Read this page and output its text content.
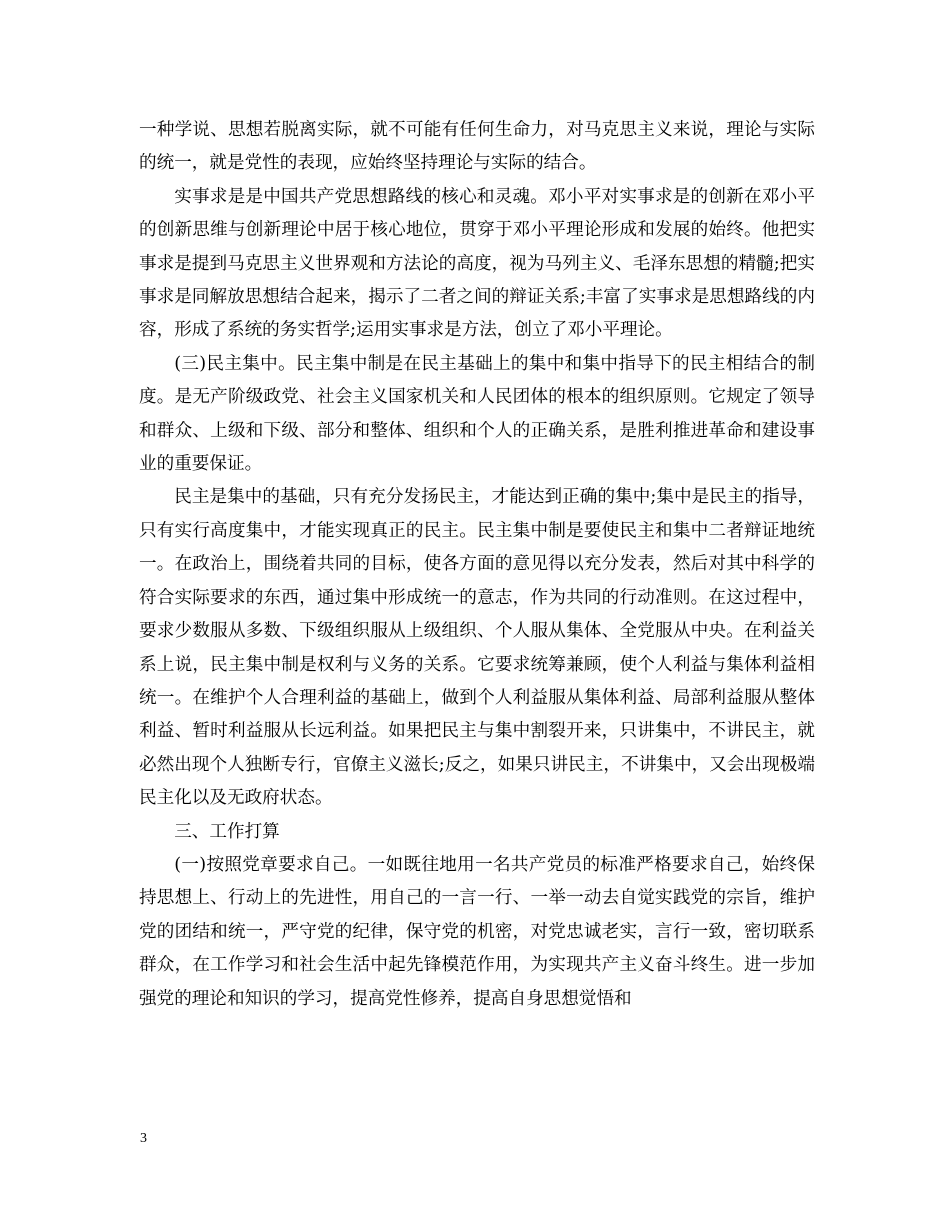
一种学说、思想若脱离实际，就不可能有任何生命力，对马克思主义来说，理论与实际的统一，就是党性的表现，应始终坚持理论与实际的结合。

实事求是是中国共产党思想路线的核心和灵魂。邓小平对实事求是的创新在邓小平的创新思维与创新理论中居于核心地位，贯穿于邓小平理论形成和发展的始终。他把实事求是提到马克思主义世界观和方法论的高度，视为马列主义、毛泽东思想的精髓;把实事求是同解放思想结合起来，揭示了二者之间的辩证关系;丰富了实事求是思想路线的内容，形成了系统的务实哲学;运用实事求是方法，创立了邓小平理论。

(三)民主集中。民主集中制是在民主基础上的集中和集中指导下的民主相结合的制度。是无产阶级政党、社会主义国家机关和人民团体的根本的组织原则。它规定了领导和群众、上级和下级、部分和整体、组织和个人的正确关系，是胜利推进革命和建设事业的重要保证。

民主是集中的基础，只有充分发扬民主，才能达到正确的集中;集中是民主的指导，只有实行高度集中，才能实现真正的民主。民主集中制是要使民主和集中二者辩证地统一。在政治上，围绕着共同的目标，使各方面的意见得以充分发表，然后对其中科学的符合实际要求的东西，通过集中形成统一的意志，作为共同的行动准则。在这过程中，要求少数服从多数、下级组织服从上级组织、个人服从集体、全党服从中央。在利益关系上说，民主集中制是权利与义务的关系。它要求统筹兼顾，使个人利益与集体利益相统一。在维护个人合理利益的基础上，做到个人利益服从集体利益、局部利益服从整体利益、暂时利益服从长远利益。如果把民主与集中割裂开来，只讲集中，不讲民主，就必然出现个人独断专行，官僚主义滋长;反之，如果只讲民主，不讲集中，又会出现极端民主化以及无政府状态。

三、工作打算

(一)按照党章要求自己。一如既往地用一名共产党员的标准严格要求自己，始终保持思想上、行动上的先进性，用自己的一言一行、一举一动去自觉实践党的宗旨，维护党的团结和统一，严守党的纪律，保守党的机密，对党忠诚老实，言行一致，密切联系群众，在工作学习和社会生活中起先锋模范作用，为实现共产主义奋斗终生。进一步加强党的理论和知识的学习，提高党性修养，提高自身思想觉悟和

3
